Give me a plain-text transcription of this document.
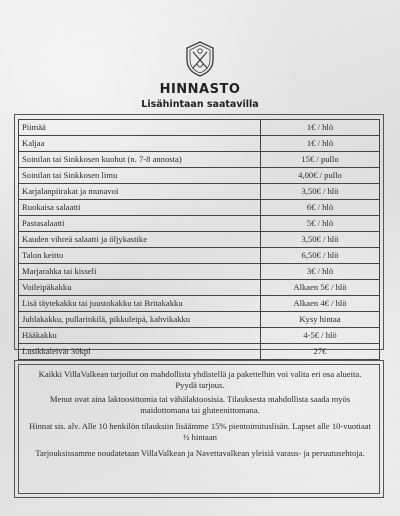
HINNASTO
Lisähintaan saatavilla
Piimää	1€ / hlö
Kaljaa	1€ / hlö
Soinilan tai Sinkkosen kuohut (n. 7-8 annosta)	15€ / pullo
Soinilan tai Sinkkosen limu	4,00€ / pullo
Karjalanpiirakat ja munavoi	3,50€ / hlö
Ruokaisa salaatti	6€ / hlö
Pastasalaatti	5€ / hlö
Kauden vihreä salaatti ja öljykastike	3,50€ / hlö
Talon keitto	6,50€ / hlö
Marjarahka tai kisseli	3€ / hlö
Voileipäkakku	Alkaen 5€ / hlö
Lisä täytekakku tai juustokakku tai Britakakku	Alkaen 4€ / hlö
Juhlakakku, pullarinkilä, pikkuleipä, kahvikakku	Kysy hintaa
Hääkakku	4-5€ / hlö
Lusikkaleivät 30kpl	27€

Kaikki VillaValkean tarjoilut on mahdollista yhdistellä ja pakettelhin voi valita eri osa alueita. Pyydä tarjous.

Menut ovat aina laktoosittomia tai vähälaktoosisia. Tilauksesta mahdollista saada myös maidottomana tai gluteenittomana.

Hinnat sis. alv. Alle 10 henkilön tilauksiin lisäämme 15% pientoimituslisän. Lapset alle 10-vuotiaat ½ hintaan

Tarjouksissamme noudatetaan VillaValkean ja Navettavalkean yleisiä varaus- ja peruutusehtoja.
